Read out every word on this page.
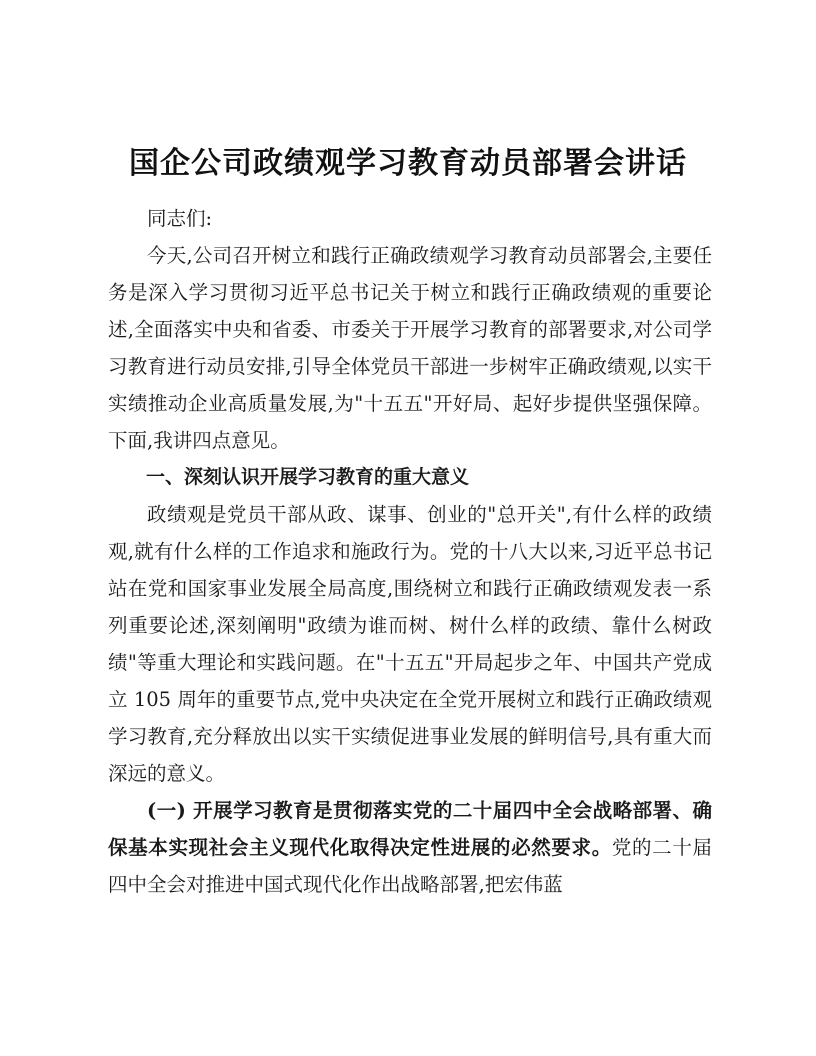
国企公司政绩观学习教育动员部署会讲话

同志们:

今天,公司召开树立和践行正确政绩观学习教育动员部署会,主要任务是深入学习贯彻习近平总书记关于树立和践行正确政绩观的重要论述,全面落实中央和省委、市委关于开展学习教育的部署要求,对公司学习教育进行动员安排,引导全体党员干部进一步树牢正确政绩观,以实干实绩推动企业高质量发展,为"十五五"开好局、起好步提供坚强保障。下面,我讲四点意见。

一、深刻认识开展学习教育的重大意义

政绩观是党员干部从政、谋事、创业的"总开关",有什么样的政绩观,就有什么样的工作追求和施政行为。党的十八大以来,习近平总书记站在党和国家事业发展全局高度,围绕树立和践行正确政绩观发表一系列重要论述,深刻阐明"政绩为谁而树、树什么样的政绩、靠什么树政绩"等重大理论和实践问题。在"十五五"开局起步之年、中国共产党成立 105 周年的重要节点,党中央决定在全党开展树立和践行正确政绩观学习教育,充分释放出以实干实绩促进事业发展的鲜明信号,具有重大而深远的意义。

(一) 开展学习教育是贯彻落实党的二十届四中全会战略部署、确保基本实现社会主义现代化取得决定性进展的必然要求。党的二十届四中全会对推进中国式现代化作出战略部署,把宏伟蓝
